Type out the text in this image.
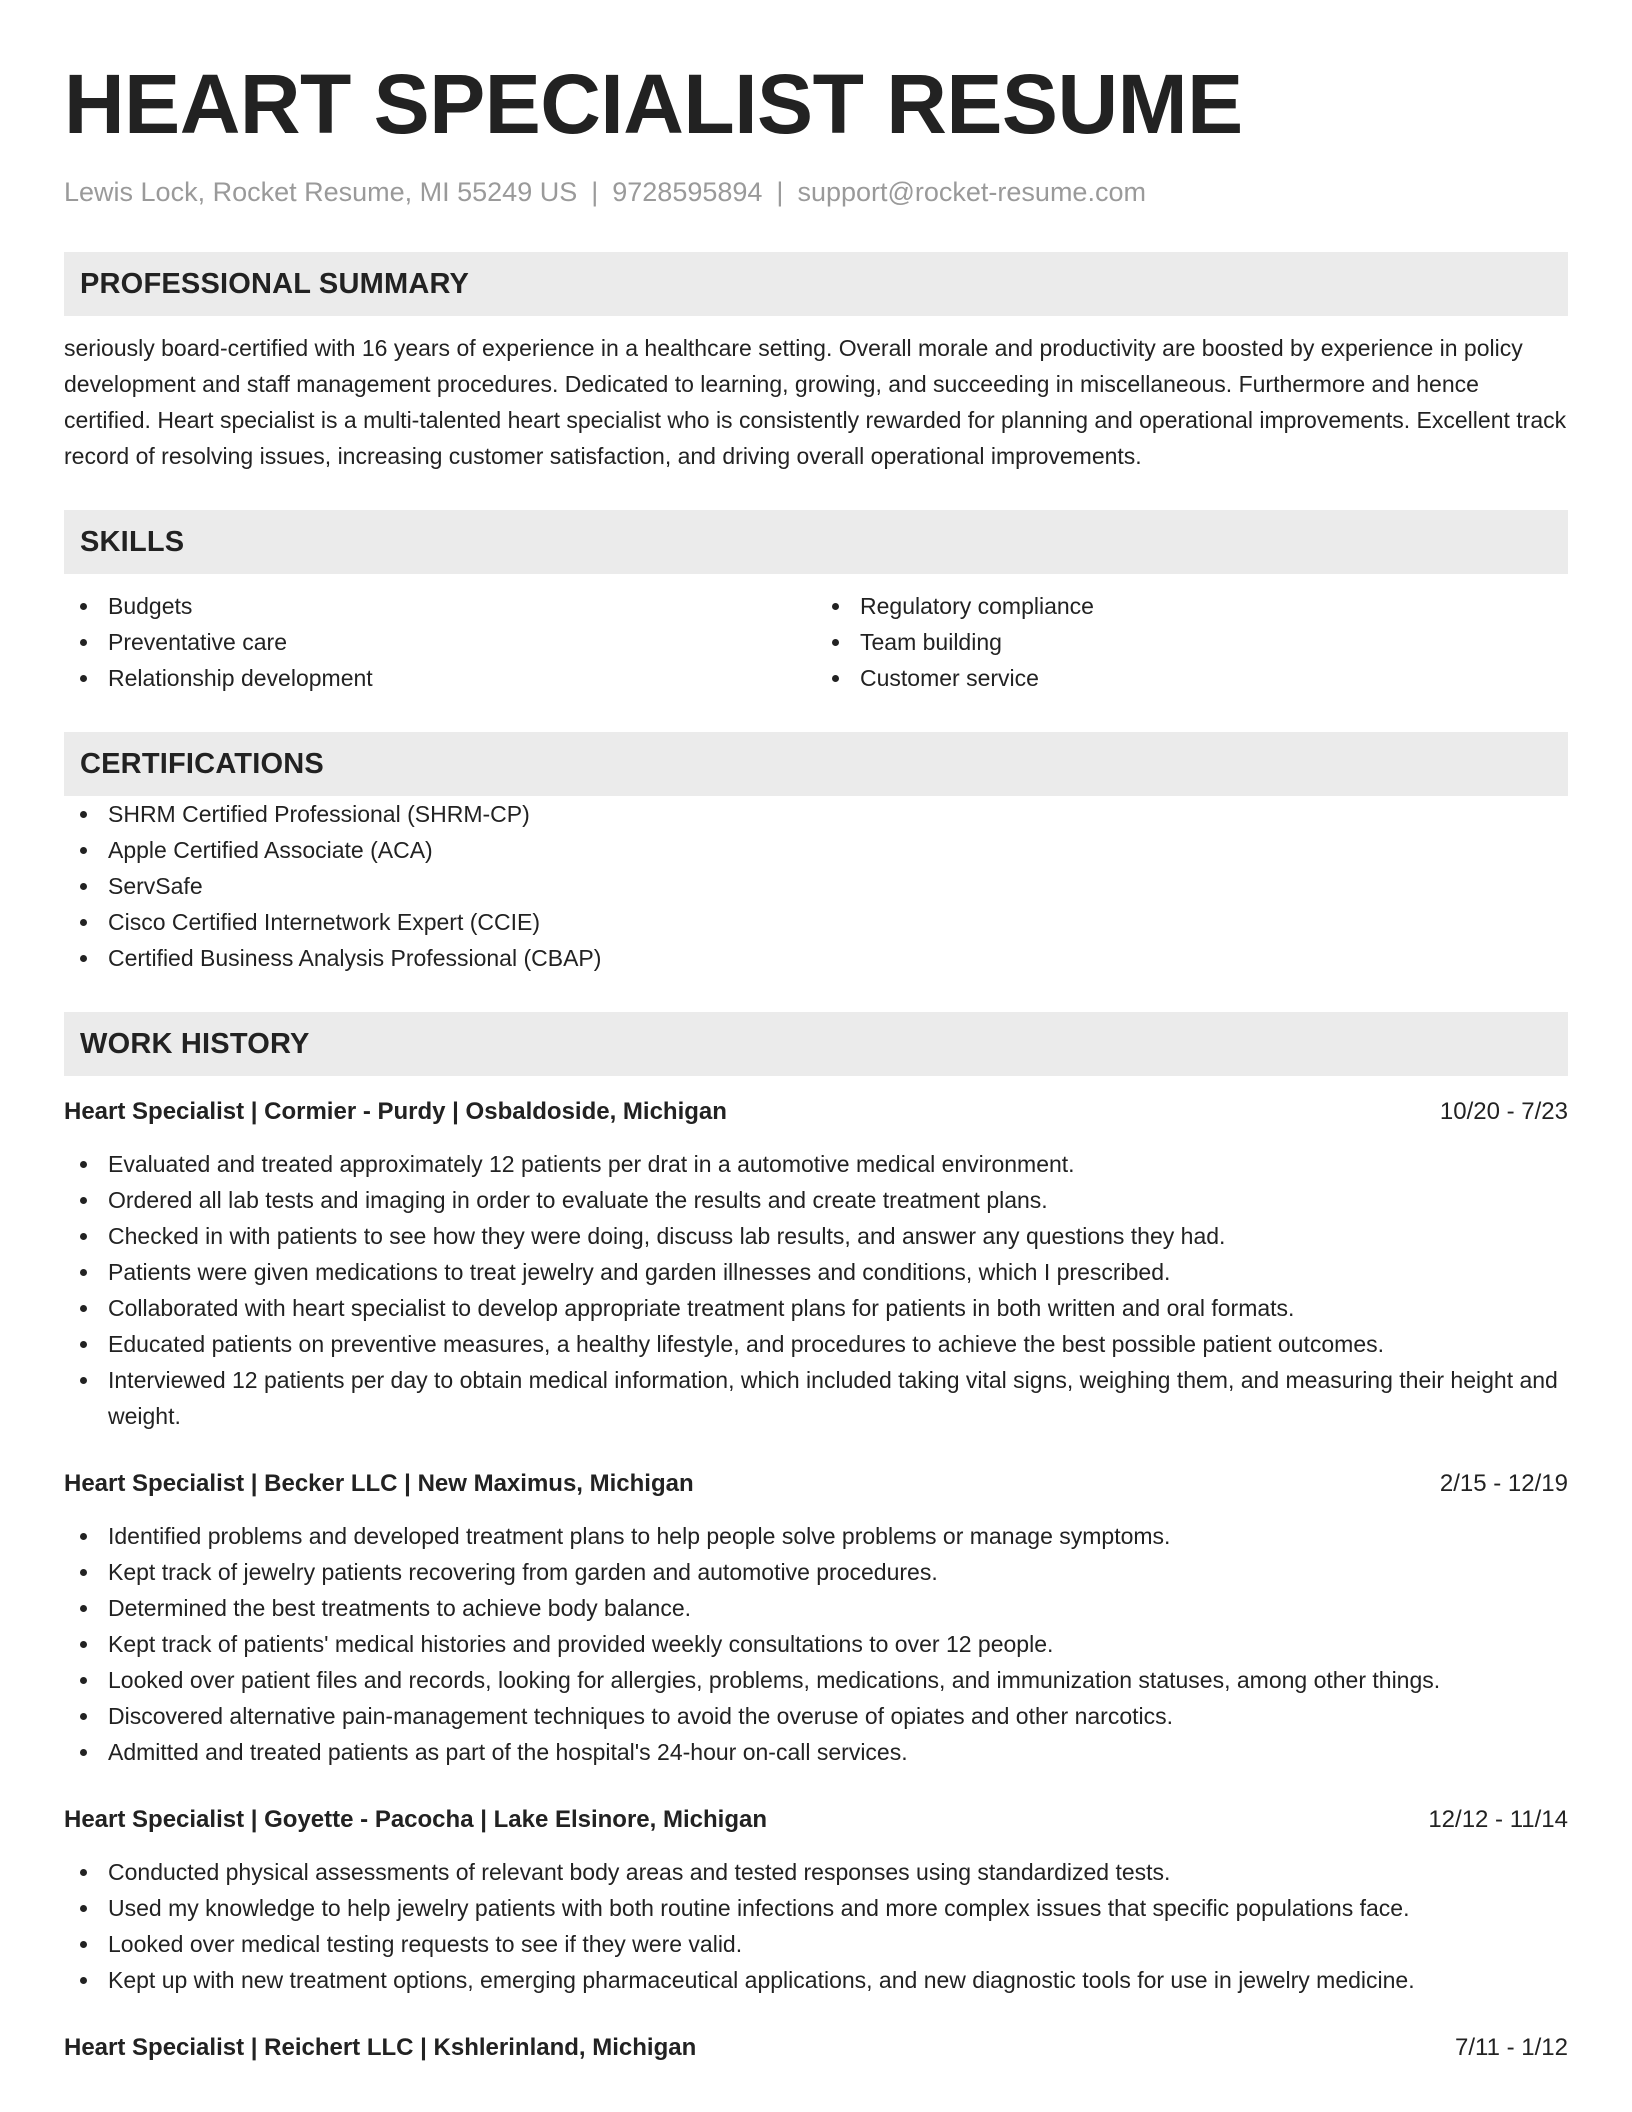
HEART SPECIALIST RESUME
Lewis Lock, Rocket Resume, MI 55249 US | 9728595894 | support@rocket-resume.com
PROFESSIONAL SUMMARY

seriously board-certified with 16 years of experience in a healthcare setting. Overall morale and productivity are boosted by experience in policy development and staff management procedures. Dedicated to learning, growing, and succeeding in miscellaneous. Furthermore and hence certified. Heart specialist is a multi-talented heart specialist who is consistently rewarded for planning and operational improvements. Excellent track record of resolving issues, increasing customer satisfaction, and driving overall operational improvements.

SKILLS
Budgets
Preventative care
Relationship development
Regulatory compliance
Team building
Customer service
CERTIFICATIONS
SHRM Certified Professional (SHRM-CP)
Apple Certified Associate (ACA)
ServSafe
Cisco Certified Internetwork Expert (CCIE)
Certified Business Analysis Professional (CBAP)
WORK HISTORY
Heart Specialist | Cormier - Purdy | Osbaldoside, Michigan	10/20 - 7/23
Evaluated and treated approximately 12 patients per drat in a automotive medical environment.
Ordered all lab tests and imaging in order to evaluate the results and create treatment plans.
Checked in with patients to see how they were doing, discuss lab results, and answer any questions they had.
Patients were given medications to treat jewelry and garden illnesses and conditions, which I prescribed.
Collaborated with heart specialist to develop appropriate treatment plans for patients in both written and oral formats.
Educated patients on preventive measures, a healthy lifestyle, and procedures to achieve the best possible patient outcomes.
Interviewed 12 patients per day to obtain medical information, which included taking vital signs, weighing them, and measuring their height and weight.
Heart Specialist | Becker LLC | New Maximus, Michigan	2/15 - 12/19
Identified problems and developed treatment plans to help people solve problems or manage symptoms.
Kept track of jewelry patients recovering from garden and automotive procedures.
Determined the best treatments to achieve body balance.
Kept track of patients' medical histories and provided weekly consultations to over 12 people.
Looked over patient files and records, looking for allergies, problems, medications, and immunization statuses, among other things.
Discovered alternative pain-management techniques to avoid the overuse of opiates and other narcotics.
Admitted and treated patients as part of the hospital's 24-hour on-call services.
Heart Specialist | Goyette - Pacocha | Lake Elsinore, Michigan	12/12 - 11/14
Conducted physical assessments of relevant body areas and tested responses using standardized tests.
Used my knowledge to help jewelry patients with both routine infections and more complex issues that specific populations face.
Looked over medical testing requests to see if they were valid.
Kept up with new treatment options, emerging pharmaceutical applications, and new diagnostic tools for use in jewelry medicine.
Heart Specialist | Reichert LLC | Kshlerinland, Michigan	7/11 - 1/12
